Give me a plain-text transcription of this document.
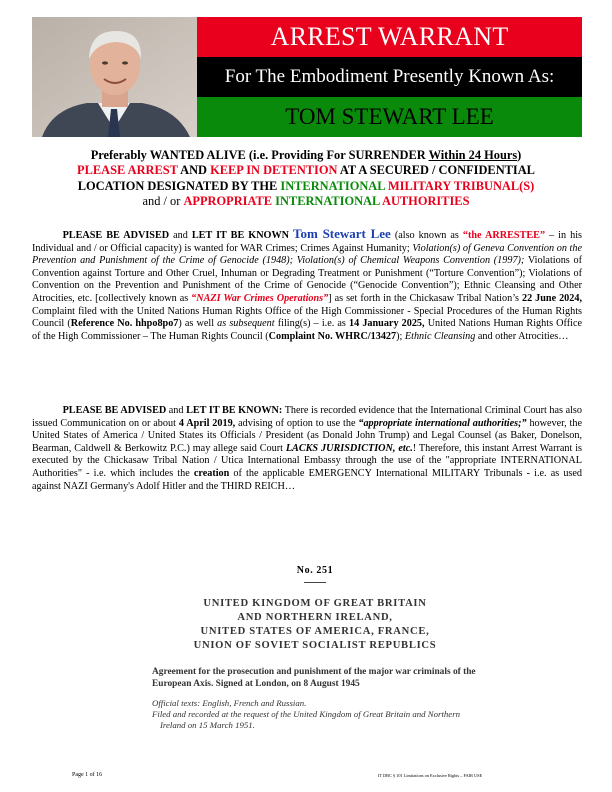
ARREST WARRANT
For The Embodiment Presently Known As:
TOM STEWART LEE
Preferably WANTED ALIVE (i.e. Providing For SURRENDER Within 24 Hours)
PLEASE ARREST AND KEEP IN DETENTION AT A SECURED / CONFIDENTIAL
LOCATION DESIGNATED BY THE INTERNATIONAL MILITARY TRIBUNAL(S)
and / or APPROPRIATE INTERNATIONAL AUTHORITIES
   PLEASE BE ADVISED and LET IT BE KNOWN Tom Stewart Lee (also known as “the ARRESTEE” – in his Individual and / or Official capacity) is wanted for WAR Crimes; Crimes Against Humanity; Violation(s) of Geneva Convention on the Prevention and Punishment of the Crime of Genocide (1948); Violation(s) of Chemical Weapons Convention (1997); Violations of Convention against Torture and Other Cruel, Inhuman or Degrading Treatment or Punishment (“Torture Convention”); Violations of Convention on the Prevention and Punishment of the Crime of Genocide (“Genocide Convention”); Ethnic Cleansing and Other Atrocities, etc. [collectively known as “NAZI War Crimes Operations”] as set forth in the Chickasaw Tribal Nation’s 22 June 2024, Complaint filed with the United Nations Human Rights Office of the High Commissioner - Special Procedures of the Human Rights Council (Reference No. hhpo8po7) as well as subsequent filing(s) – i.e. as 14 January 2025, United Nations Human Rights Office of the High Commissioner – The Human Rights Council (Complaint No. WHRC/13427); Ethnic Cleansing and other Atrocities…
   PLEASE BE ADVISED and LET IT BE KNOWN: There is recorded evidence that the International Criminal Court has also issued Communication on or about 4 April 2019, advising of option to use the “appropriate international authorities;” however, the United States of America / United States its Officials / President (as Donald John Trump) and Legal Counsel (as Baker, Donelson, Bearman, Caldwell & Berkowitz P.C.) may allege said Court LACKS JURISDICTION, etc.! Therefore, this instant Arrest Warrant is executed by the Chickasaw Tribal Nation / Utica International Embassy through the use of the "appropriate INTERNATIONAL Authorities" - i.e. which includes the creation of the applicable EMERGENCY International MILITARY Tribunals - i.e. as used against NAZI Germany's Adolf Hitler and the THIRD REICH…
No. 251
UNITED KINGDOM OF GREAT BRITAIN
AND NORTHERN IRELAND,
UNITED STATES OF AMERICA, FRANCE,
UNION OF SOVIET SOCIALIST REPUBLICS
Agreement for the prosecution and punishment of the major war criminals of the European Axis. Signed at London, on 8 August 1945
Official texts: English, French and Russian.
Filed and recorded at the request of the United Kingdom of Great Britain and Northern
Ireland on 15 March 1951.
Page 1 of 16	IT DBC § 101 Limitations on Exclusive Rights – FAIR USE
